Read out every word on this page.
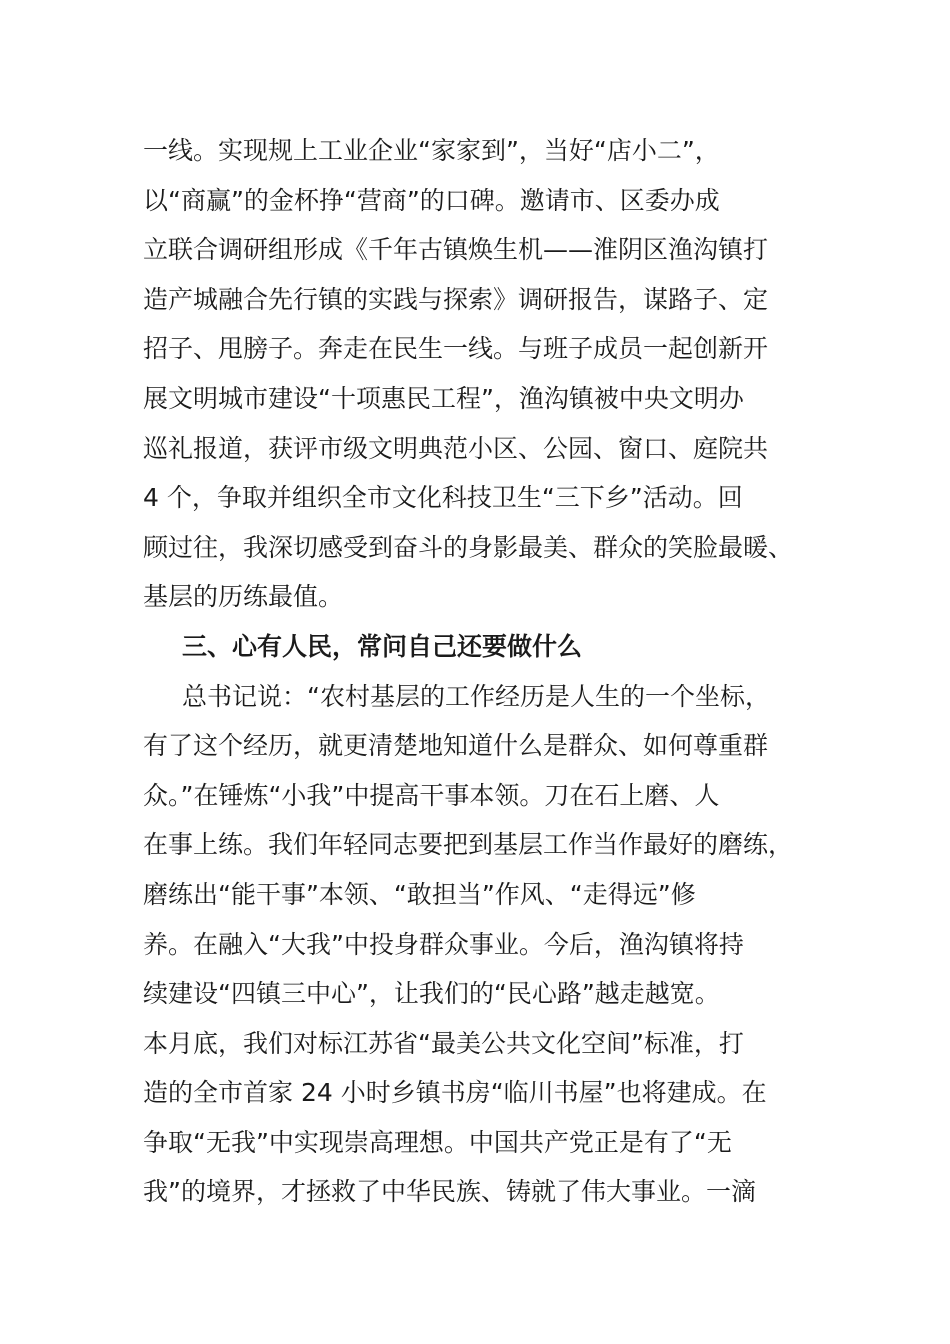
一线。实现规上工业企业“家家到”，当好“店小二”，
以“商赢”的金杯挣“营商”的口碑。邀请市、区委办成
立联合调研组形成《千年古镇焕生机——淮阴区渔沟镇打
造产城融合先行镇的实践与探索》调研报告，谋路子、定
招子、甩膀子。奔走在民生一线。与班子成员一起创新开
展文明城市建设“十项惠民工程”，渔沟镇被中央文明办
巡礼报道，获评市级文明典范小区、公园、窗口、庭院共
4 个，争取并组织全市文化科技卫生“三下乡”活动。回
顾过往，我深切感受到奋斗的身影最美、群众的笑脸最暖、
基层的历练最值。
三、心有人民，常问自己还要做什么
总书记说：“农村基层的工作经历是人生的一个坐标，
有了这个经历，就更清楚地知道什么是群众、如何尊重群
众。”在锤炼“小我”中提高干事本领。刀在石上磨、人
在事上练。我们年轻同志要把到基层工作当作最好的磨练，
磨练出“能干事”本领、“敢担当”作风、“走得远”修
养。在融入“大我”中投身群众事业。今后，渔沟镇将持
续建设“四镇三中心”，让我们的“民心路”越走越宽。
本月底，我们对标江苏省“最美公共文化空间”标准，打
造的全市首家 24 小时乡镇书房“临川书屋”也将建成。在
争取“无我”中实现崇高理想。中国共产党正是有了“无
我”的境界，才拯救了中华民族、铸就了伟大事业。一滴
